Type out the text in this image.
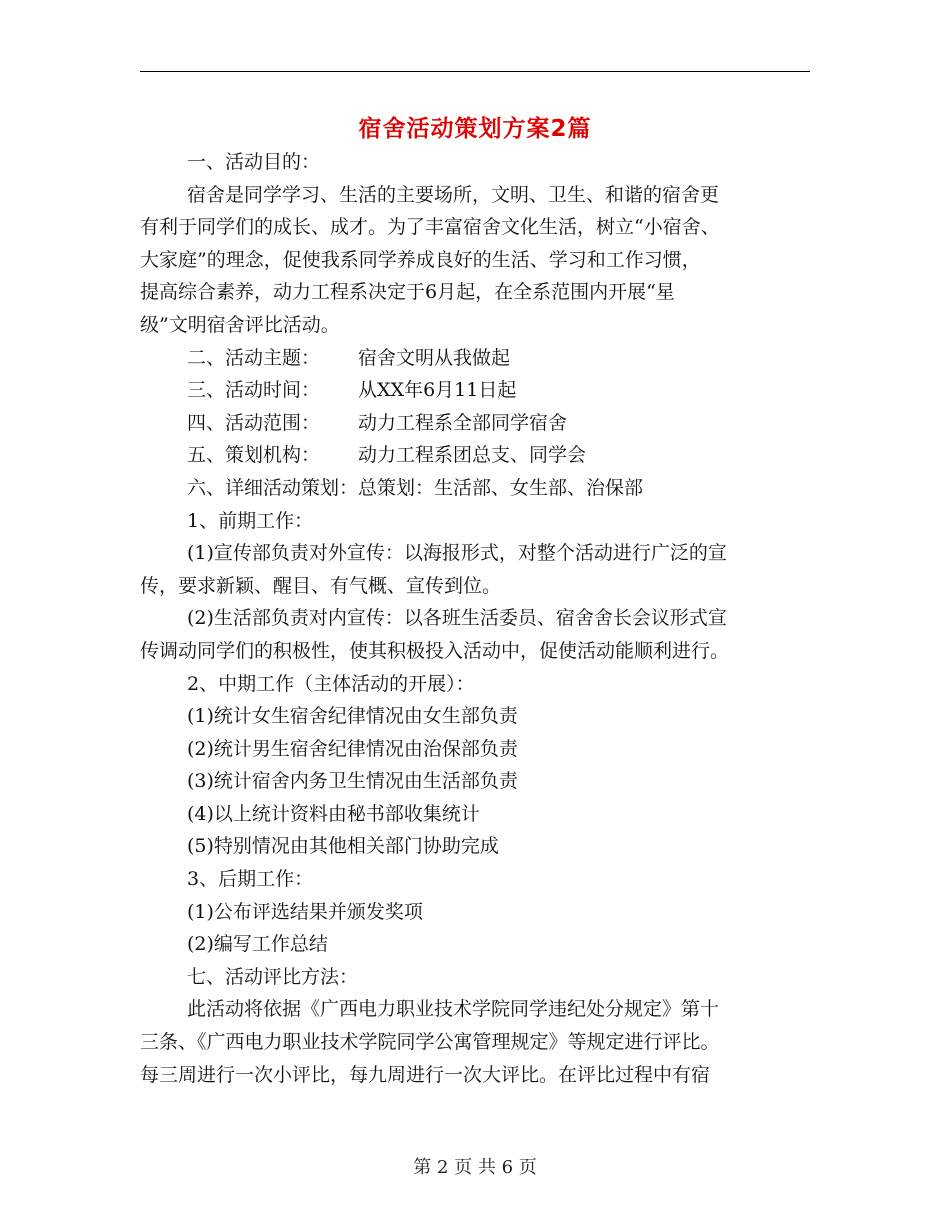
宿舍活动策划方案2篇
一、活动目的：
宿舍是同学学习、生活的主要场所，文明、卫生、和谐的宿舍更
有利于同学们的成长、成才。为了丰富宿舍文化生活，树立“小宿舍、
大家庭”的理念，促使我系同学养成良好的生活、学习和工作习惯，
提高综合素养，动力工程系决定于6月起，在全系范围内开展“星
级”文明宿舍评比活动。
二、活动主题： 宿舍文明从我做起
三、活动时间： 从XX年6月11日起
四、活动范围： 动力工程系全部同学宿舍
五、策划机构： 动力工程系团总支、同学会
六、详细活动策划：总策划：生活部、女生部、治保部
1、前期工作：
(1)宣传部负责对外宣传：以海报形式，对整个活动进行广泛的宣
传，要求新颖、醒目、有气概、宣传到位。
(2)生活部负责对内宣传：以各班生活委员、宿舍舍长会议形式宣
传调动同学们的积极性，使其积极投入活动中，促使活动能顺利进行。
2、中期工作（主体活动的开展）：
(1)统计女生宿舍纪律情况由女生部负责
(2)统计男生宿舍纪律情况由治保部负责
(3)统计宿舍内务卫生情况由生活部负责
(4)以上统计资料由秘书部收集统计
(5)特别情况由其他相关部门协助完成
3、后期工作：
(1)公布评选结果并颁发奖项
(2)编写工作总结
七、活动评比方法：
此活动将依据《广西电力职业技术学院同学违纪处分规定》第十
三条、《广西电力职业技术学院同学公寓管理规定》等规定进行评比。
每三周进行一次小评比，每九周进行一次大评比。在评比过程中有宿
第 2 页 共 6 页
